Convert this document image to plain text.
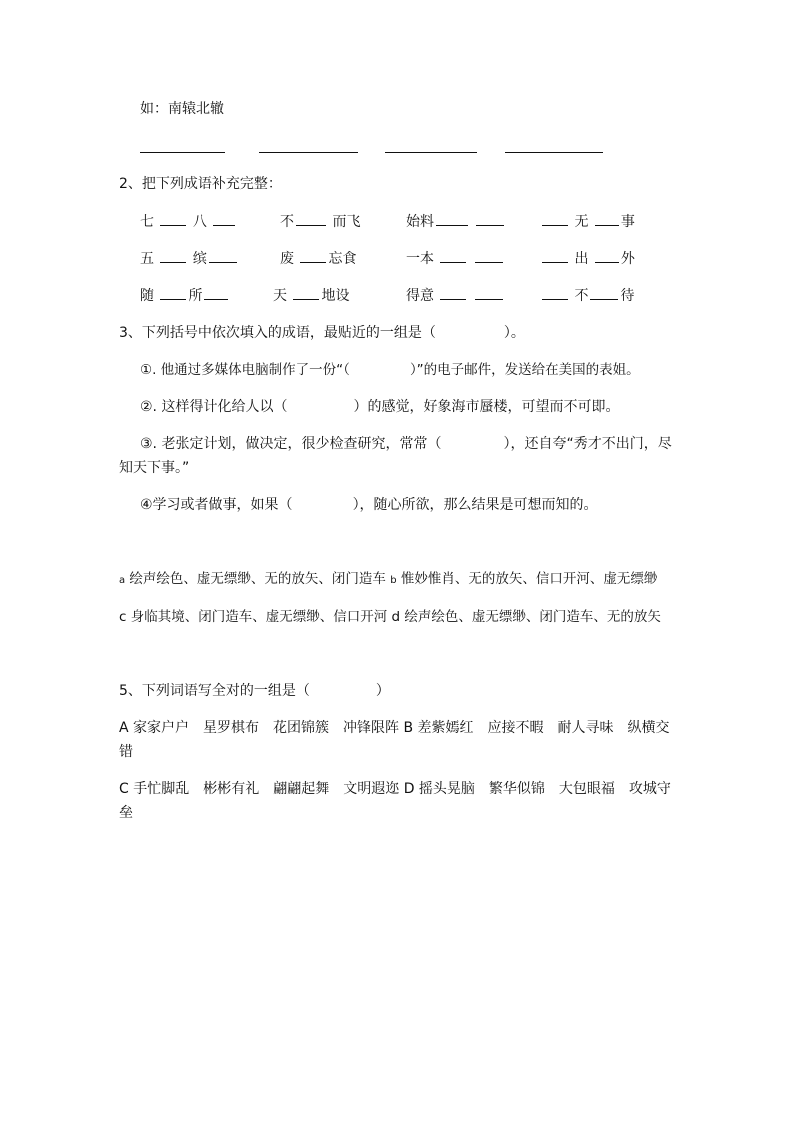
如：南辕北辙
2、把下列成语补充完整：
七	八	不	而飞	始料	无 事
五	缤	废 忘食	一本	出 外
随 所	天 地设	得意	不 待
3、下列括号中依次填入的成语，最贴近的一组是（	）。
①. 他通过多媒体电脑制作了一份“（	）”的电子邮件，发送给在美国的表姐。
②. 这样得计化给人以（	）的感觉，好象海市蜃楼，可望而不可即。
③. 老张定计划，做决定，很少检查研究，常常（	），还自夸“秀才不出门，尽
知天下事。”
④学习或者做事，如果（	），随心所欲，那么结果是可想而知的。
a 绘声绘色、虚无缥缈、无的放矢、闭门造车 b 惟妙惟肖、无的放矢、信口开河、虚无缥缈
c 身临其境、闭门造车、虚无缥缈、信口开河 d 绘声绘色、虚无缥缈、闭门造车、无的放矢
5、下列词语写全对的一组是（	）
A 家家户户 星罗棋布 花团锦簇 冲锋限阵 B 差紫嫣红 应接不暇 耐人寻味 纵横交
错
C 手忙脚乱 彬彬有礼 翩翩起舞 文明遐迩 D 摇头晃脑 繁华似锦 大包眼福 攻城守
垒
